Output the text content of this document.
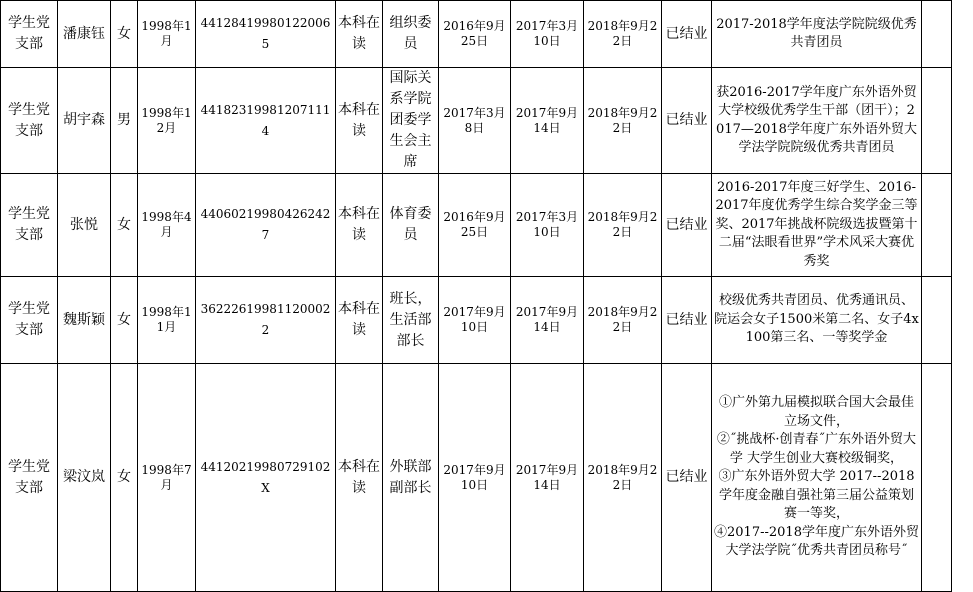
学生党支部	潘康钰	女	1998年1月	441284199801220065	本科在读	组织委员	2016年9月25日	2017年3月10日	2018年9月22日	已结业	2017-2018学年度法学院院级优秀共青团员	

学生党支部	胡宇森	男	1998年12月	441823199812071114	本科在读	国际关系学院团委学生会主席	2017年3月8日	2017年9月14日	2018年9月22日	已结业	获2016-2017学年度广东外语外贸大学校级优秀学生干部（团干）；2017—2018学年度广东外语外贸大学法学院院级优秀共青团员	

学生党支部	张悦	女	1998年4月	440602199804262427	本科在读	体育委员	2016年9月25日	2017年3月10日	2018年9月22日	已结业	2016-2017年度三好学生、2016-2017年度优秀学生综合奖学金三等奖、2017年挑战杯院级选拔暨第十二届“法眼看世界”学术风采大赛优秀奖	

学生党支部	魏斯颖	女	1998年11月	362226199811200022	本科在读	班长，生活部部长	2017年9月10日	2017年9月14日	2018年9月22日	已结业	校级优秀共青团员、优秀通讯员、院运会女子1500米第二名、女子4x100第三名、一等奖学金	

学生党支部	梁汶岚	女	1998年7月	44120219980729102X	本科在读	外联部副部长	2017年9月10日	2017年9月14日	2018年9月22日	已结业	①广外第九届模拟联合国大会最佳立场文件，
②˝挑战杯·创青春˝广东外语外贸大学 大学生创业大赛校级铜奖，
③广东外语外贸大学 2017--2018学年度金融自强社第三届公益策划赛一等奖，
④2017--2018学年度广东外语外贸大学法学院˝优秀共青团员称号˝	
